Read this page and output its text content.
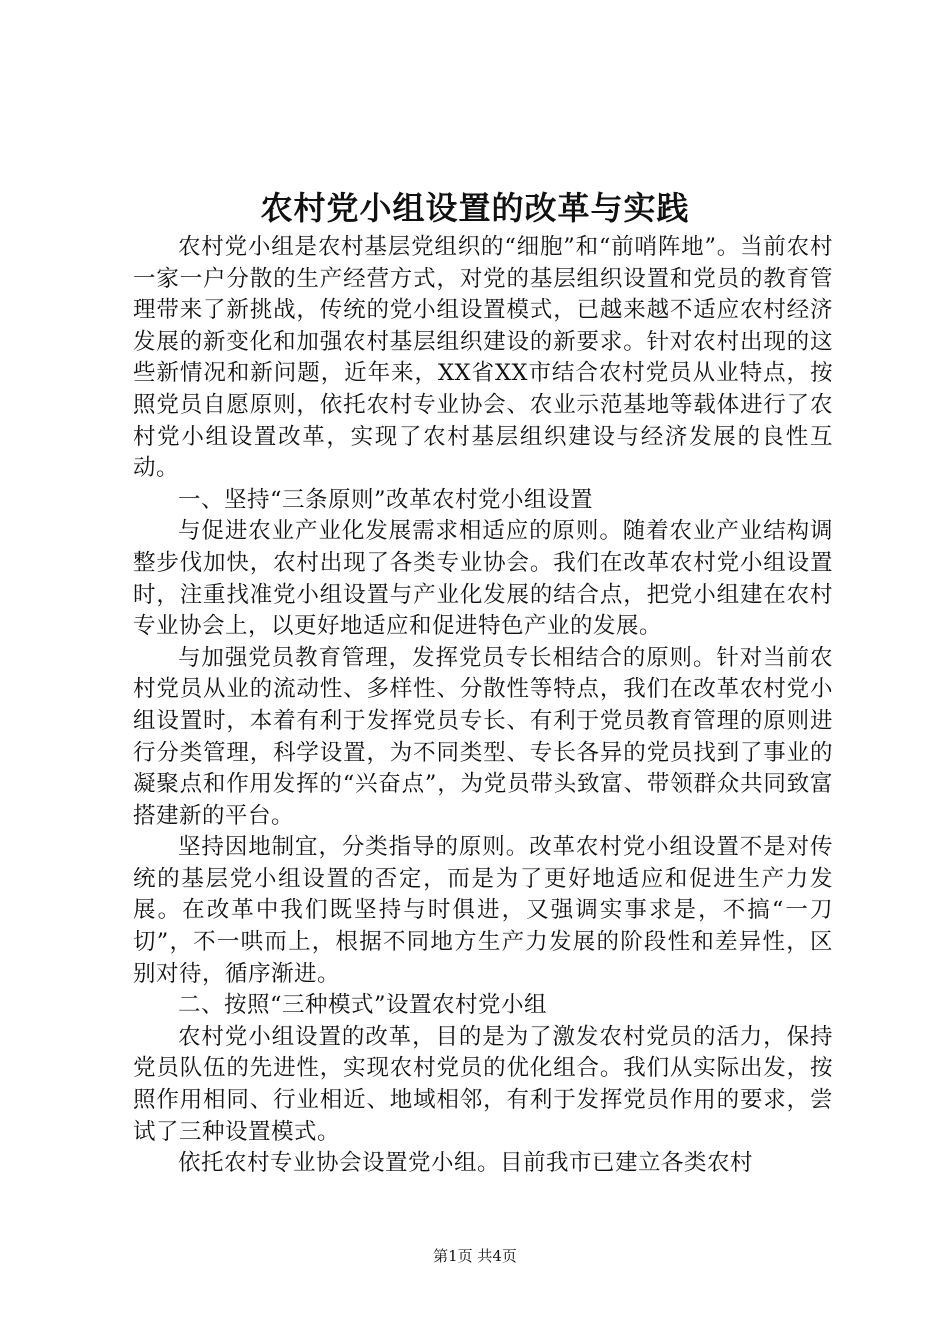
农村党小组设置的改革与实践

农村党小组是农村基层党组织的“细胞”和“前哨阵地”。当前农村一家一户分散的生产经营方式，对党的基层组织设置和党员的教育管理带来了新挑战，传统的党小组设置模式，已越来越不适应农村经济发展的新变化和加强农村基层组织建设的新要求。针对农村出现的这些新情况和新问题，近年来，XX省XX市结合农村党员从业特点，按照党员自愿原则，依托农村专业协会、农业示范基地等载体进行了农村党小组设置改革，实现了农村基层组织建设与经济发展的良性互动。

一、坚持“三条原则”改革农村党小组设置

与促进农业产业化发展需求相适应的原则。随着农业产业结构调整步伐加快，农村出现了各类专业协会。我们在改革农村党小组设置时，注重找准党小组设置与产业化发展的结合点，把党小组建在农村专业协会上，以更好地适应和促进特色产业的发展。

与加强党员教育管理，发挥党员专长相结合的原则。针对当前农村党员从业的流动性、多样性、分散性等特点，我们在改革农村党小组设置时，本着有利于发挥党员专长、有利于党员教育管理的原则进行分类管理，科学设置，为不同类型、专长各异的党员找到了事业的凝聚点和作用发挥的“兴奋点”，为党员带头致富、带领群众共同致富搭建新的平台。

坚持因地制宜，分类指导的原则。改革农村党小组设置不是对传统的基层党小组设置的否定，而是为了更好地适应和促进生产力发展。在改革中我们既坚持与时俱进，又强调实事求是，不搞“一刀切”，不一哄而上，根据不同地方生产力发展的阶段性和差异性，区别对待，循序渐进。

二、按照“三种模式”设置农村党小组

农村党小组设置的改革，目的是为了激发农村党员的活力，保持党员队伍的先进性，实现农村党员的优化组合。我们从实际出发，按照作用相同、行业相近、地域相邻，有利于发挥党员作用的要求，尝试了三种设置模式。

依托农村专业协会设置党小组。目前我市已建立各类农村

第1页 共4页
